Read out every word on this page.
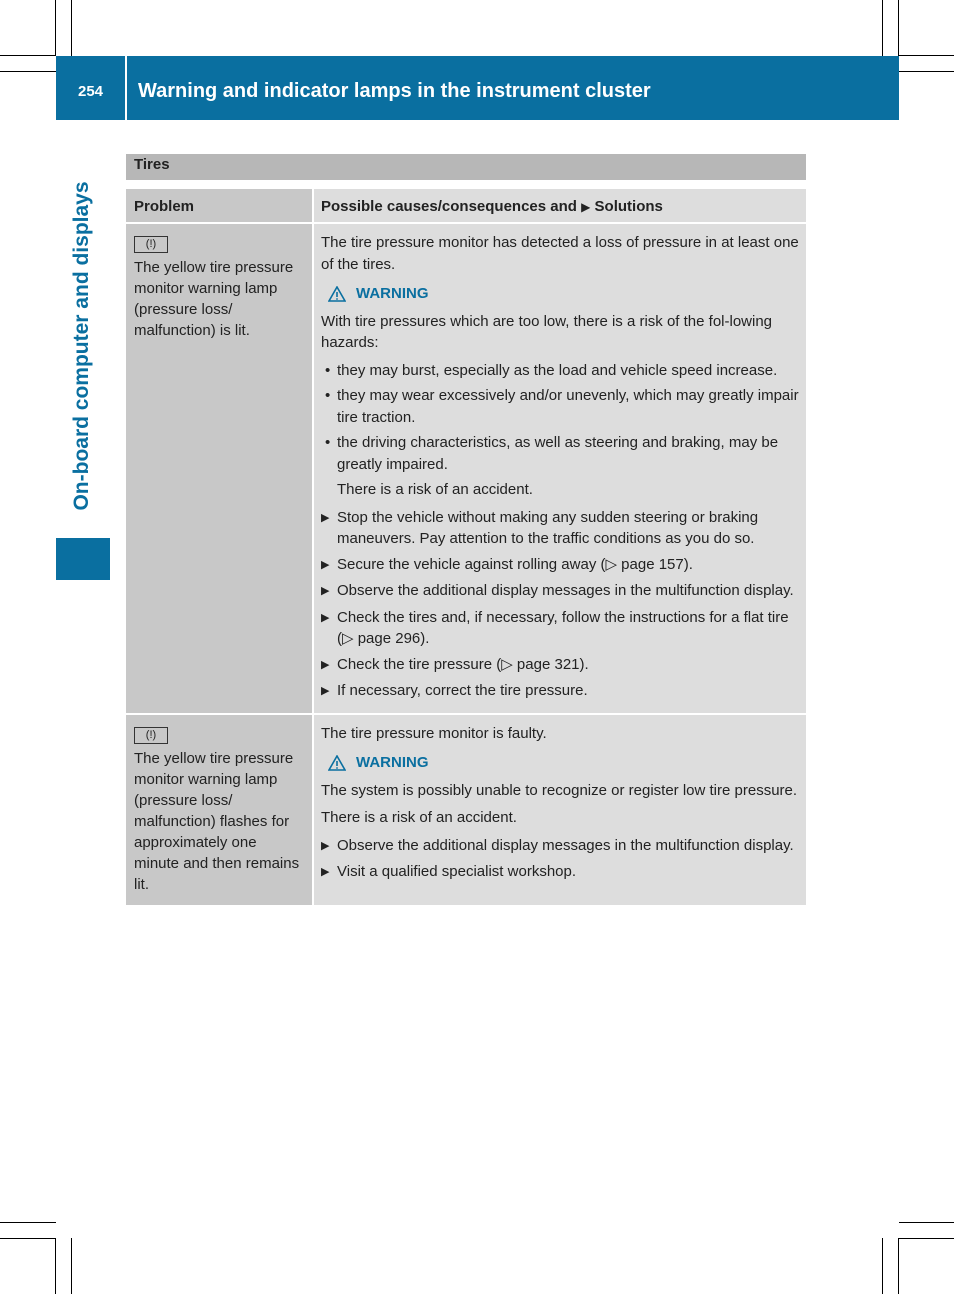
254	Warning and indicator lamps in the instrument cluster
On-board computer and displays
Tires
Problem	Possible causes/consequences and ▶ Solutions
(!)

The yellow tire pressure monitor warning lamp (pressure loss/ malfunction) is lit.

The tire pressure monitor has detected a loss of pressure in at least one of the tires.

WARNING

With tire pressures which are too low, there is a risk of the fol-lowing hazards:

• they may burst, especially as the load and vehicle speed increase.
• they may wear excessively and/or unevenly, which may greatly impair tire traction.
• the driving characteristics, as well as steering and braking, may be greatly impaired.

There is a risk of an accident.

▶ Stop the vehicle without making any sudden steering or braking maneuvers. Pay attention to the traffic conditions as you do so.
▶ Secure the vehicle against rolling away (▷ page 157).
▶ Observe the additional display messages in the multifunction display.
▶ Check the tires and, if necessary, follow the instructions for a flat tire (▷ page 296).
▶ Check the tire pressure (▷ page 321).
▶ If necessary, correct the tire pressure.
(!)

The yellow tire pressure monitor warning lamp (pressure loss/ malfunction) flashes for approximately one minute and then remains lit.

The tire pressure monitor is faulty.

WARNING

The system is possibly unable to recognize or register low tire pressure.

There is a risk of an accident.

▶ Observe the additional display messages in the multifunction display.
▶ Visit a qualified specialist workshop.
